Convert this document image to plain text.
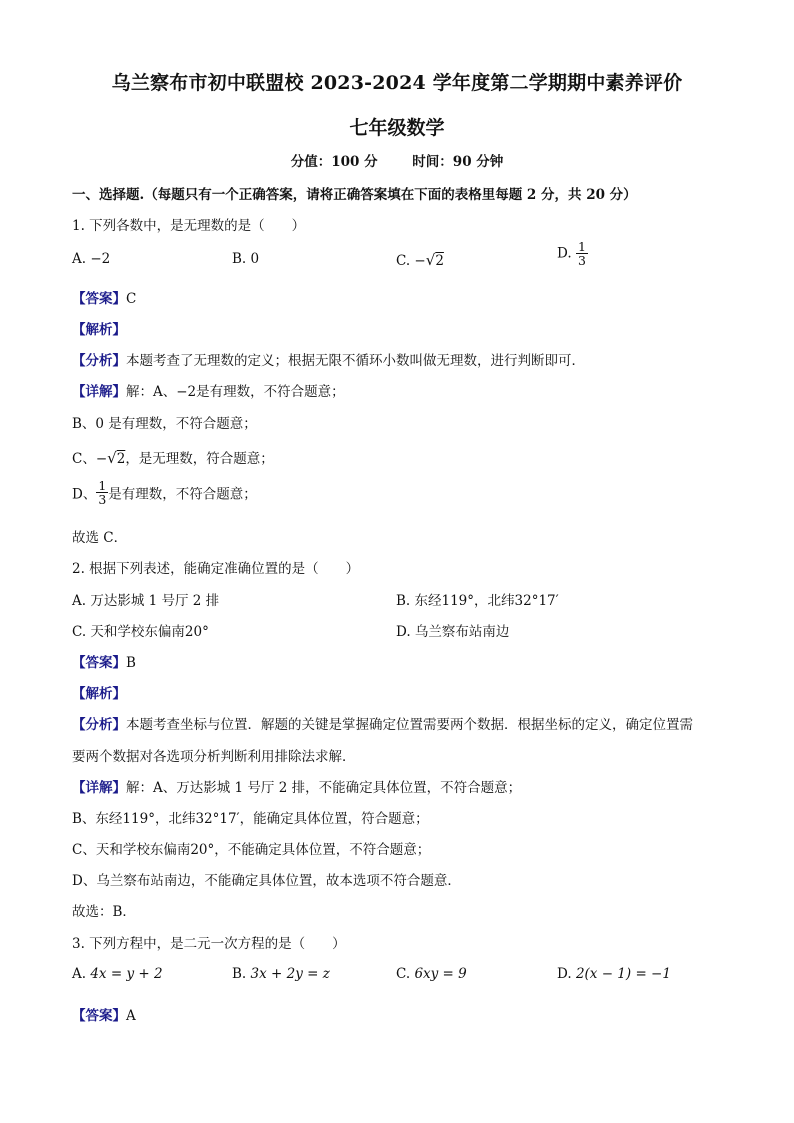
乌兰察布市初中联盟校 2023-2024 学年度第二学期期中素养评价
七年级数学
分值：100 分	时间：90 分钟
一、选择题.（每题只有一个正确答案，请将正确答案填在下面的表格里每题 2 分，共 20 分）
1. 下列各数中，是无理数的是（　　）
A. −2	B. 0	C. −√2	D. $\frac{1}{3}$
【答案】C
【解析】
【分析】本题考查了无理数的定义；根据无限不循环小数叫做无理数，进行判断即可．
【详解】解：A、−2是有理数，不符合题意；
B、0 是有理数，不符合题意；
C、−√2，是无理数，符合题意；
D、 $\frac{1}{3}$ 是有理数，不符合题意；
故选 C．
2. 根据下列表述，能确定准确位置的是（　　）
A. 万达影城 1 号厅 2 排	B. 东经119°，北纬32°17′
C. 天和学校东偏南20°	D. 乌兰察布站南边
【答案】B
【解析】
【分析】本题考查坐标与位置．解题的关键是掌握确定位置需要两个数据．根据坐标的定义，确定位置需
要两个数据对各选项分析判断利用排除法求解．
【详解】解：A、万达影城 1 号厅 2 排，不能确定具体位置，不符合题意；
B、东经119°，北纬32°17′，能确定具体位置，符合题意；
C、天和学校东偏南20°，不能确定具体位置，不符合题意；
D、乌兰察布站南边，不能确定具体位置，故本选项不符合题意．
故选：B．
3. 下列方程中，是二元一次方程的是（　　）
A. 4x = y + 2	B. 3x + 2y = z	C. 6xy = 9	D. 2(x − 1) = −1
【答案】A
